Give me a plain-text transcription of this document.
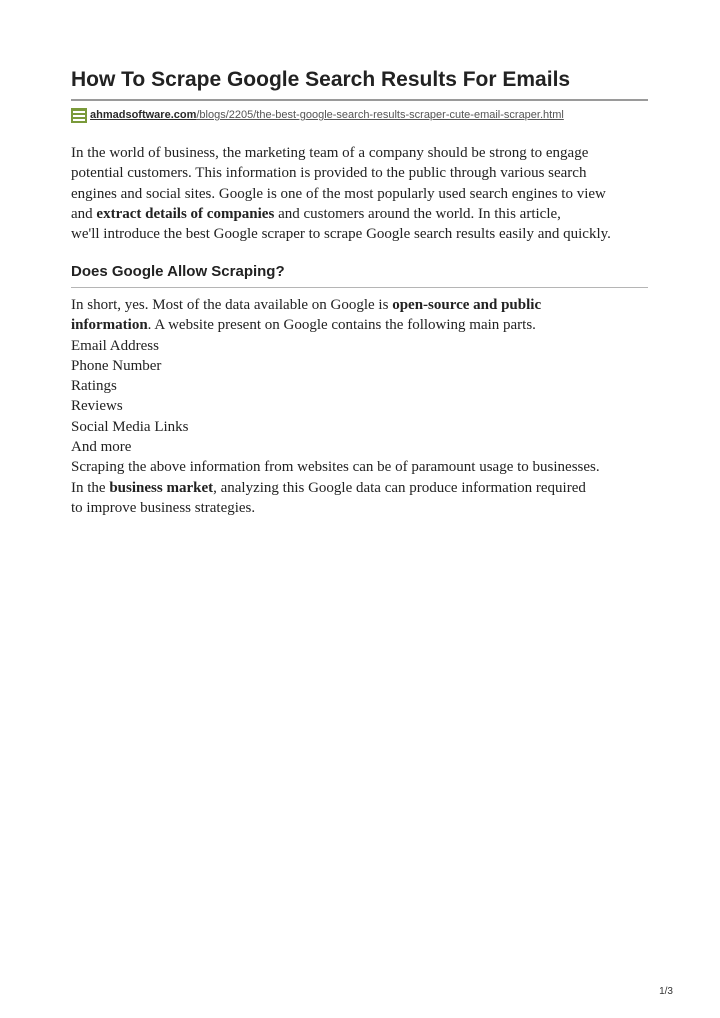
How To Scrape Google Search Results For Emails
ahmadsoftware.com /blogs/2205/the-best-google-search-results-scraper-cute-email-scraper.html
In the world of business, the marketing team of a company should be strong to engage
potential customers. This information is provided to the public through various search
engines and social sites. Google is one of the most popularly used search engines to view
and extract details of companies and customers around the world. In this article,
we'll introduce the best Google scraper to scrape Google search results easily and quickly.
Does Google Allow Scraping?
In short, yes. Most of the data available on Google is open-source and public
information. A website present on Google contains the following main parts.
Email Address
Phone Number
Ratings
Reviews
Social Media Links
And more
Scraping the above information from websites can be of paramount usage to businesses.
In the business market, analyzing this Google data can produce information required
to improve business strategies.
1/3
